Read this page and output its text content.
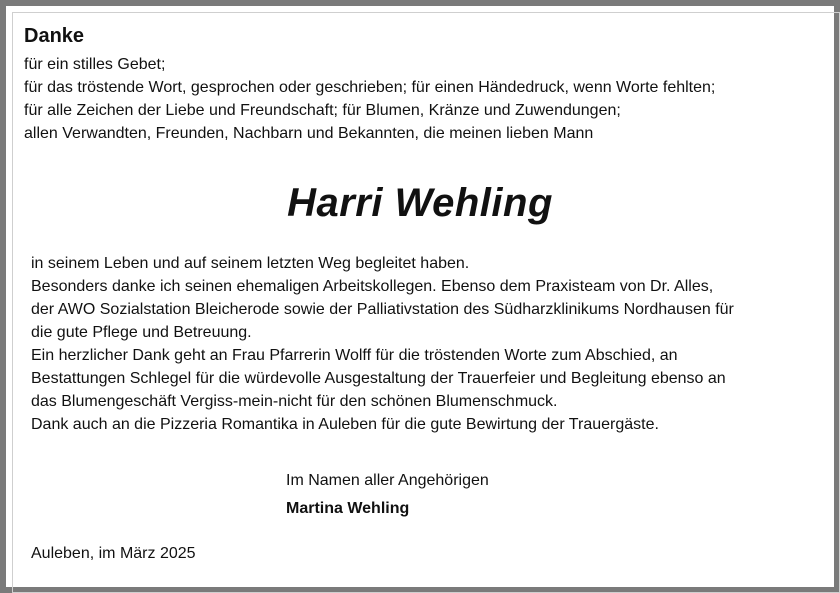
Danke
für ein stilles Gebet;
für das tröstende Wort, gesprochen oder geschrieben; für einen Händedruck, wenn Worte fehlten;
für alle Zeichen der Liebe und Freundschaft; für Blumen, Kränze und Zuwendungen;
allen Verwandten, Freunden, Nachbarn und Bekannten, die meinen lieben Mann
Harri Wehling
in seinem Leben und auf seinem letzten Weg begleitet haben.
Besonders danke ich seinen ehemaligen Arbeitskollegen. Ebenso dem Praxisteam von Dr. Alles,
der AWO Sozialstation Bleicherode sowie der Palliativstation des Südharzklinikums Nordhausen für
die gute Pflege und Betreuung.
Ein herzlicher Dank geht an Frau Pfarrerin Wolff für die tröstenden Worte zum Abschied, an
Bestattungen Schlegel für die würdevolle Ausgestaltung der Trauerfeier und Begleitung ebenso an
das Blumengeschäft Vergiss-mein-nicht für den schönen Blumenschmuck.
Dank auch an die Pizzeria Romantika in Auleben für die gute Bewirtung der Trauergäste.
Im Namen aller Angehörigen
Martina Wehling
Auleben, im März 2025
